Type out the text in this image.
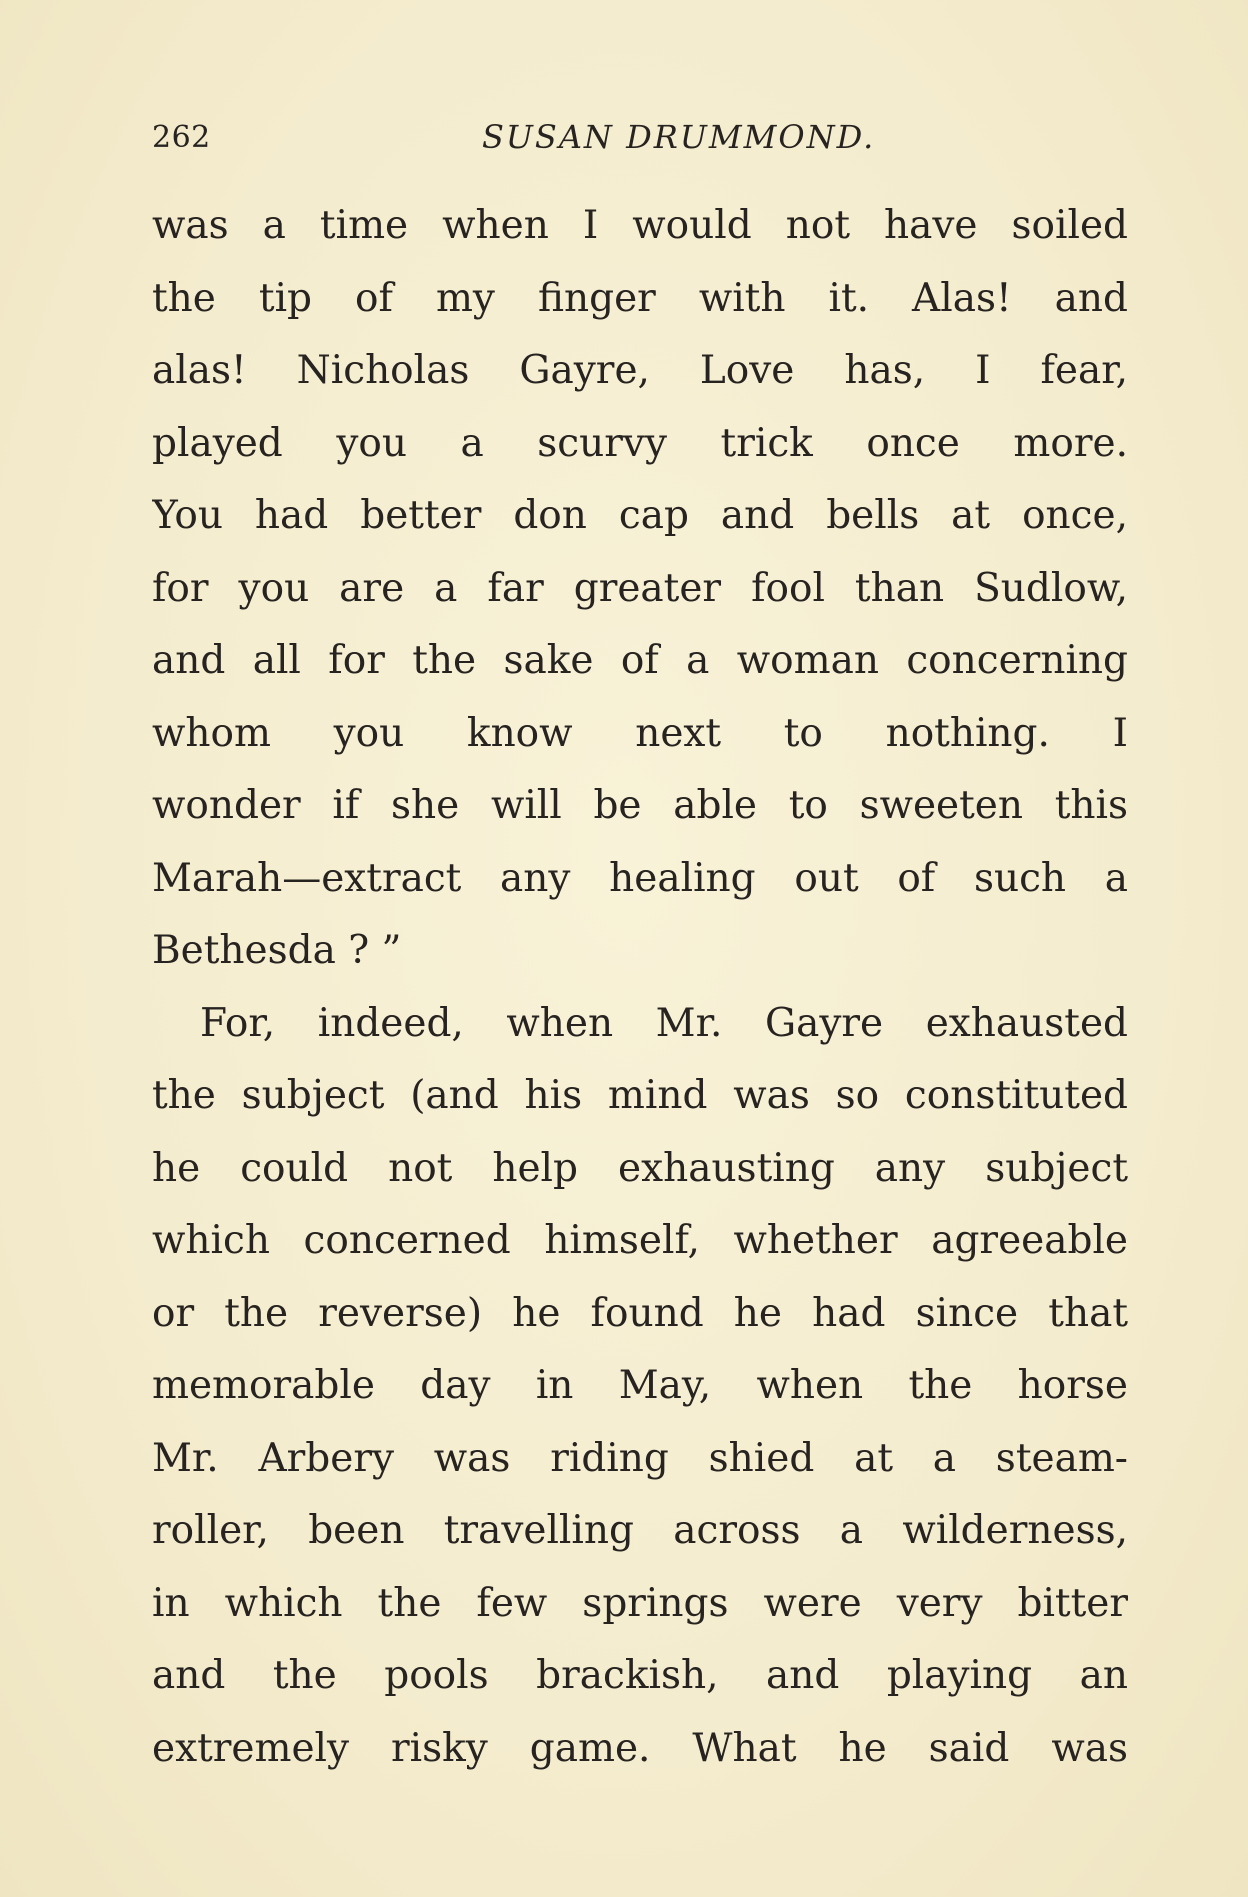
262	SUSAN DRUMMOND.
was a time when I would not have soiled
the tip of my finger with it. Alas! and
alas! Nicholas Gayre, Love has, I fear,
played you a scurvy trick once more.
You had better don cap and bells at once,
for you are a far greater fool than Sudlow,
and all for the sake of a woman concerning
whom you know next to nothing. I
wonder if she will be able to sweeten this
Marah—extract any healing out of such a
Bethesda ? ”
For, indeed, when Mr. Gayre exhausted
the subject (and his mind was so constituted
he could not help exhausting any subject
which concerned himself, whether agreeable
or the reverse) he found he had since that
memorable day in May, when the horse
Mr. Arbery was riding shied at a steam-
roller, been travelling across a wilderness,
in which the few springs were very bitter
and the pools brackish, and playing an
extremely risky game. What he said was
